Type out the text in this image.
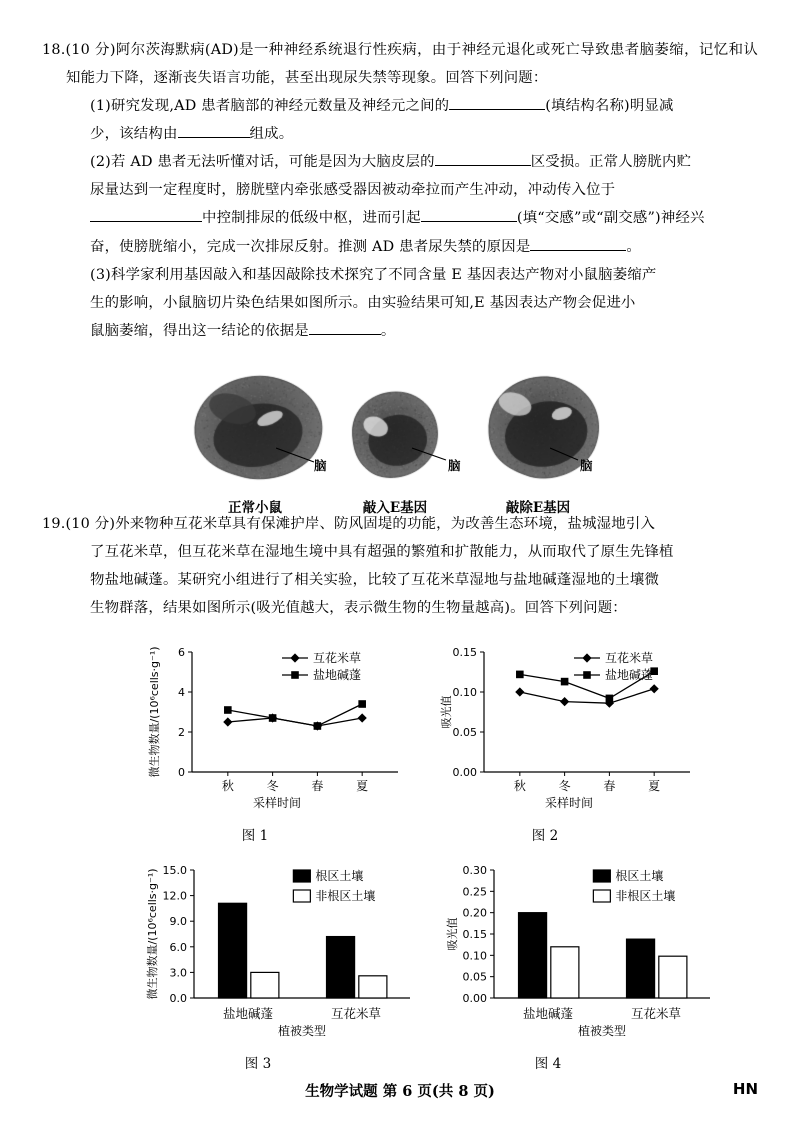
18.(10 分)阿尔茨海默病(AD)是一种神经系统退行性疾病，由于神经元退化或死亡导致患者脑萎缩，记忆和认知能力下降，逐渐丧失语言功能，甚至出现尿失禁等现象。回答下列问题：
(1)研究发现,AD 患者脑部的神经元数量及神经元之间的	(填结构名称)明显减
少，该结构由	组成。
(2)若 AD 患者无法听懂对话，可能是因为大脑皮层的	区受损。正常人膀胱内贮
尿量达到一定程度时，膀胱壁内牵张感受器因被动牵拉而产生冲动，冲动传入位于
中控制排尿的低级中枢，进而引起	(填“交感”或“副交感”)神经兴
奋，使膀胱缩小，完成一次排尿反射。推测 AD 患者尿失禁的原因是	。
(3)科学家利用基因敲入和基因敲除技术探究了不同含量 E 基因表达产物对小鼠脑萎缩产
生的影响，小鼠脑切片染色结果如图所示。由实验结果可知,E 基因表达产物会促进小
鼠脑萎缩，得出这一结论的依据是	。
脑
正常小鼠
脑
敲入E基因
脑
敲除E基因
19.(10 分)外来物种互花米草具有保滩护岸、防风固堤的功能，为改善生态环境，盐城湿地引入
了互花米草，但互花米草在湿地生境中具有超强的繁殖和扩散能力，从而取代了原生先锋植
物盐地碱蓬。某研究小组进行了相关实验，比较了互花米草湿地与盐地碱蓬湿地的土壤微
生物群落，结果如图所示(吸光值越大，表示微生物的生物量越高)。回答下列问题：
0
2
4
6
秋	冬	春	夏
采样时间
微生物数量/(10⁶cells·g⁻¹)	互花米草
盐地碱蓬
图 1
0.00
0.05
0.10
0.15
秋	冬	春	夏
采样时间
吸光值
互花米草
盐地碱蓬
图 2
0.0
3.0
6.0
9.0
12.0
15.0
盐地碱蓬	互花米草
植被类型
微生物数量/(10⁶cells·g⁻¹)	根区土壤
非根区土壤
图 3
0.00
0.05
0.10
0.15
0.20
0.25
0.30
盐地碱蓬	互花米草
植被类型
吸光值
根区土壤
非根区土壤
图 4
生物学试题 第 6 页(共 8 页)	HN
